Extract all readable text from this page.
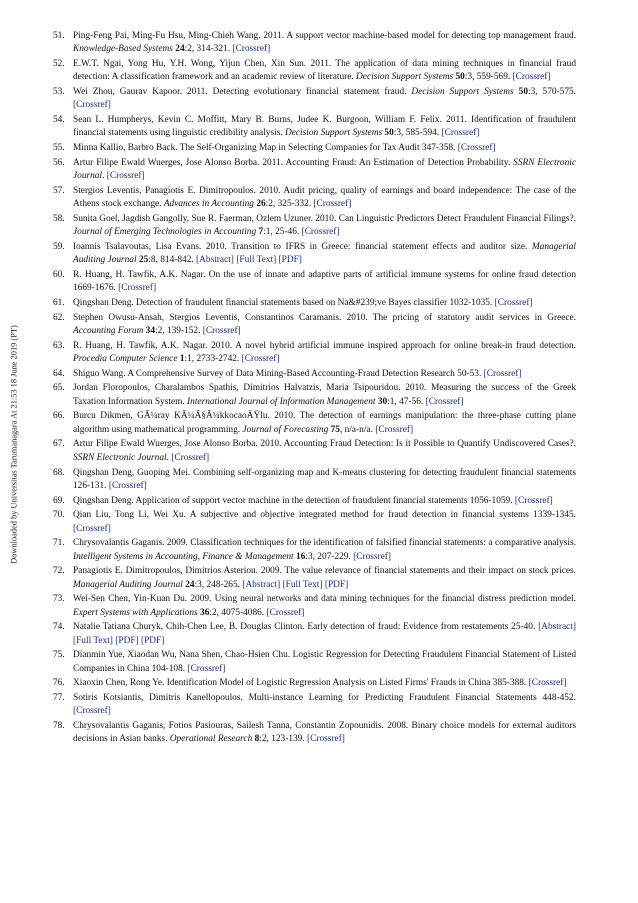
Downloaded by Universitas Tarumanagara At 21:53 18 June 2019 (PT)
51. Ping-Feng Pai, Ming-Fu Hsu, Ming-Chieh Wang. 2011. A support vector machine-based model for detecting top management fraud. Knowledge-Based Systems 24:2, 314-321. [Crossref]
52. E.W.T. Ngai, Yong Hu, Y.H. Wong, Yijun Chen, Xin Sun. 2011. The application of data mining techniques in financial fraud detection: A classification framework and an academic review of literature. Decision Support Systems 50:3, 559-569. [Crossref]
53. Wei Zhou, Gaurav Kapoor. 2011. Detecting evolutionary financial statement fraud. Decision Support Systems 50:3, 570-575. [Crossref]
54. Sean L. Humpherys, Kevin C. Moffitt, Mary B. Burns, Judee K. Burgoon, William F. Felix. 2011. Identification of fraudulent financial statements using linguistic credibility analysis. Decision Support Systems 50:3, 585-594. [Crossref]
55. Minna Kallio, Barbro Back. The Self-Organizing Map in Selecting Companies for Tax Audit 347-358. [Crossref]
56. Artur Filipe Ewald Wuerges, Jose Alonso Borba. 2011. Accounting Fraud: An Estimation of Detection Probability. SSRN Electronic Journal. [Crossref]
57. Stergios Leventis, Panagiotis E. Dimitropoulos. 2010. Audit pricing, quality of earnings and board independence: The case of the Athens stock exchange. Advances in Accounting 26:2, 325-332. [Crossref]
58. Sunita Goel, Jagdish Gangolly, Sue R. Faerman, Ozlem Uzuner. 2010. Can Linguistic Predictors Detect Fraudulent Financial Filings?. Journal of Emerging Technologies in Accounting 7:1, 25-46. [Crossref]
59. Ioannis Tsalavoutas, Lisa Evans. 2010. Transition to IFRS in Greece: financial statement effects and auditor size. Managerial Auditing Journal 25:8, 814-842. [Abstract] [Full Text] [PDF]
60. R. Huang, H. Tawfik, A.K. Nagar. On the use of innate and adaptive parts of artificial immune systems for online fraud detection 1669-1676. [Crossref]
61. Qingshan Deng. Detection of fraudulent financial statements based on Na&#239;ve Bayes classifier 1032-1035. [Crossref]
62. Stephen Owusu-Ansah, Stergios Leventis, Constantinos Caramanis. 2010. The pricing of statutory audit services in Greece. Accounting Forum 34:2, 139-152. [Crossref]
63. R. Huang, H. Tawfik, A.K. Nagar. 2010. A novel hybrid artificial immune inspired approach for online break-in fraud detection. Procedia Computer Science 1:1, 2733-2742. [Crossref]
64. Shiguo Wang. A Comprehensive Survey of Data Mining-Based Accounting-Fraud Detection Research 50-53. [Crossref]
65. Jordan Floropoulos, Charalambos Spathis, Dimitrios Halvatzis, Maria Tsipouridou. 2010. Measuring the success of the Greek Taxation Information System. International Journal of Information Management 30:1, 47-56. [Crossref]
66. Burcu Dikmen, GÃ¼ray KÃ¼Ã§Ã¼kkocaoÄŸlu. 2010. The detection of earnings manipulation: the three-phase cutting plane algorithm using mathematical programming. Journal of Forecasting 75, n/a-n/a. [Crossref]
67. Artur Filipe Ewald Wuerges, Jose Alonso Borba. 2010. Accounting Fraud Detection: Is it Possible to Quantify Undiscovered Cases?. SSRN Electronic Journal. [Crossref]
68. Qingshan Deng, Guoping Mei. Combining self-organizing map and K-means clustering for detecting fraudulent financial statements 126-131. [Crossref]
69. Qingshan Deng. Application of support vector machine in the detection of fraudulent financial statements 1056-1059. [Crossref]
70. Qian Liu, Tong Li, Wei Xu. A subjective and objective integrated method for fraud detection in financial systems 1339-1345. [Crossref]
71. Chrysovalantis Gaganis. 2009. Classification techniques for the identification of falsified financial statements: a comparative analysis. Intelligent Systems in Accounting, Finance & Management 16:3, 207-229. [Crossref]
72. Panagiotis E. Dimitropoulos, Dimitrios Asteriou. 2009. The value relevance of financial statements and their impact on stock prices. Managerial Auditing Journal 24:3, 248-265. [Abstract] [Full Text] [PDF]
73. Wei-Sen Chen, Yin-Kuan Du. 2009. Using neural networks and data mining techniques for the financial distress prediction model. Expert Systems with Applications 36:2, 4075-4086. [Crossref]
74. Natalie Tatiana Churyk, Chih-Chen Lee, B. Douglas Clinton. Early detection of fraud: Evidence from restatements 25-40. [Abstract] [Full Text] [PDF] [PDF]
75. Dianmin Yue, Xiaodan Wu, Nana Shen, Chao-Hsien Chu. Logistic Regression for Detecting Fraudulent Financial Statement of Listed Companies in China 104-108. [Crossref]
76. Xiaoxin Chen, Rong Ye. Identification Model of Logistic Regression Analysis on Listed Firms' Frauds in China 385-388. [Crossref]
77. Sotiris Kotsiantis, Dimitris Kanellopoulos. Multi-instance Learning for Predicting Fraudulent Financial Statements 448-452. [Crossref]
78. Chrysovalantis Gaganis, Fotios Pasiouras, Sailesh Tanna, Constantin Zopounidis. 2008. Binary choice models for external auditors decisions in Asian banks. Operational Research 8:2, 123-139. [Crossref]
